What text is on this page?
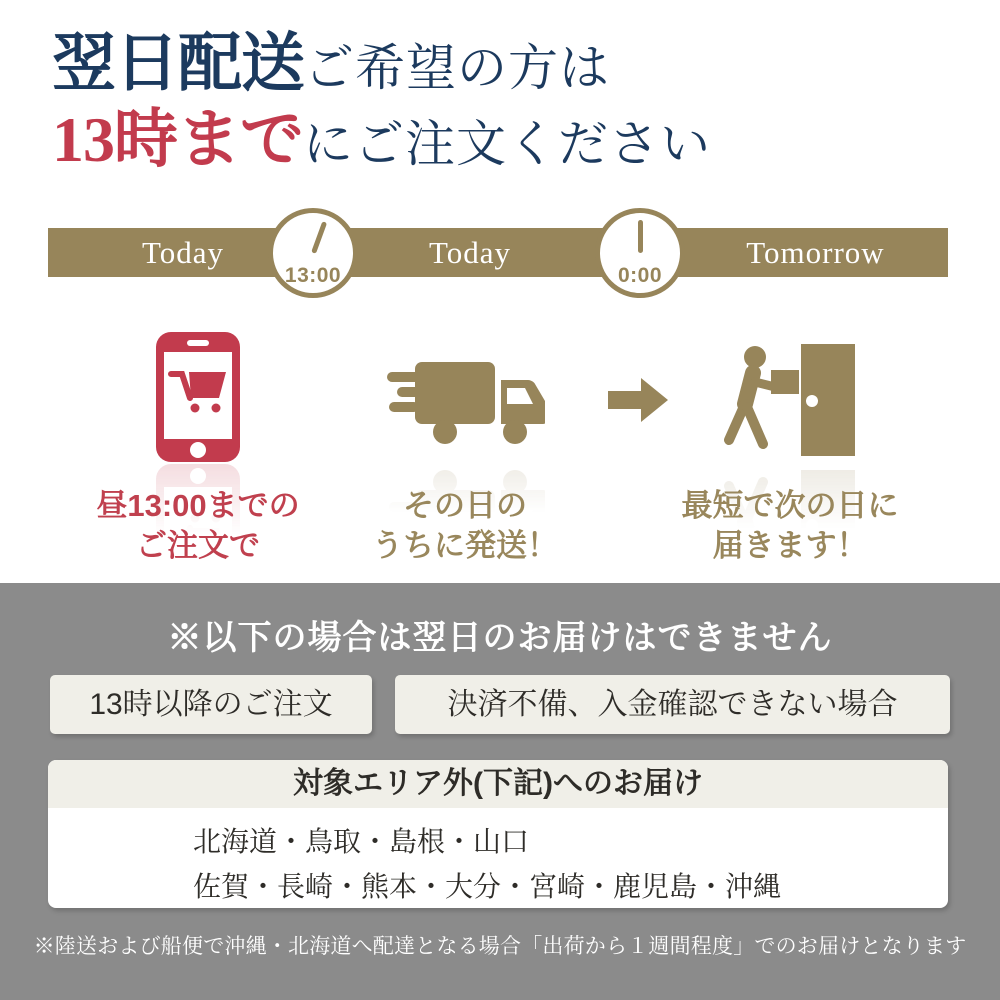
翌日配送ご希望の方は
13時までにご注文ください
Today	Today	Tomorrow
13:00	0:00
昼13:00までの
ご注文で
その日の
うちに発送！
最短で次の日に
届きます！
※以下の場合は翌日のお届けはできません
13時以降のご注文	決済不備、入金確認できない場合
対象エリア外(下記)へのお届け
北海道・鳥取・島根・山口
佐賀・長崎・熊本・大分・宮崎・鹿児島・沖縄
※陸送および船便で沖縄・北海道へ配達となる場合「出荷から１週間程度」でのお届けとなります
